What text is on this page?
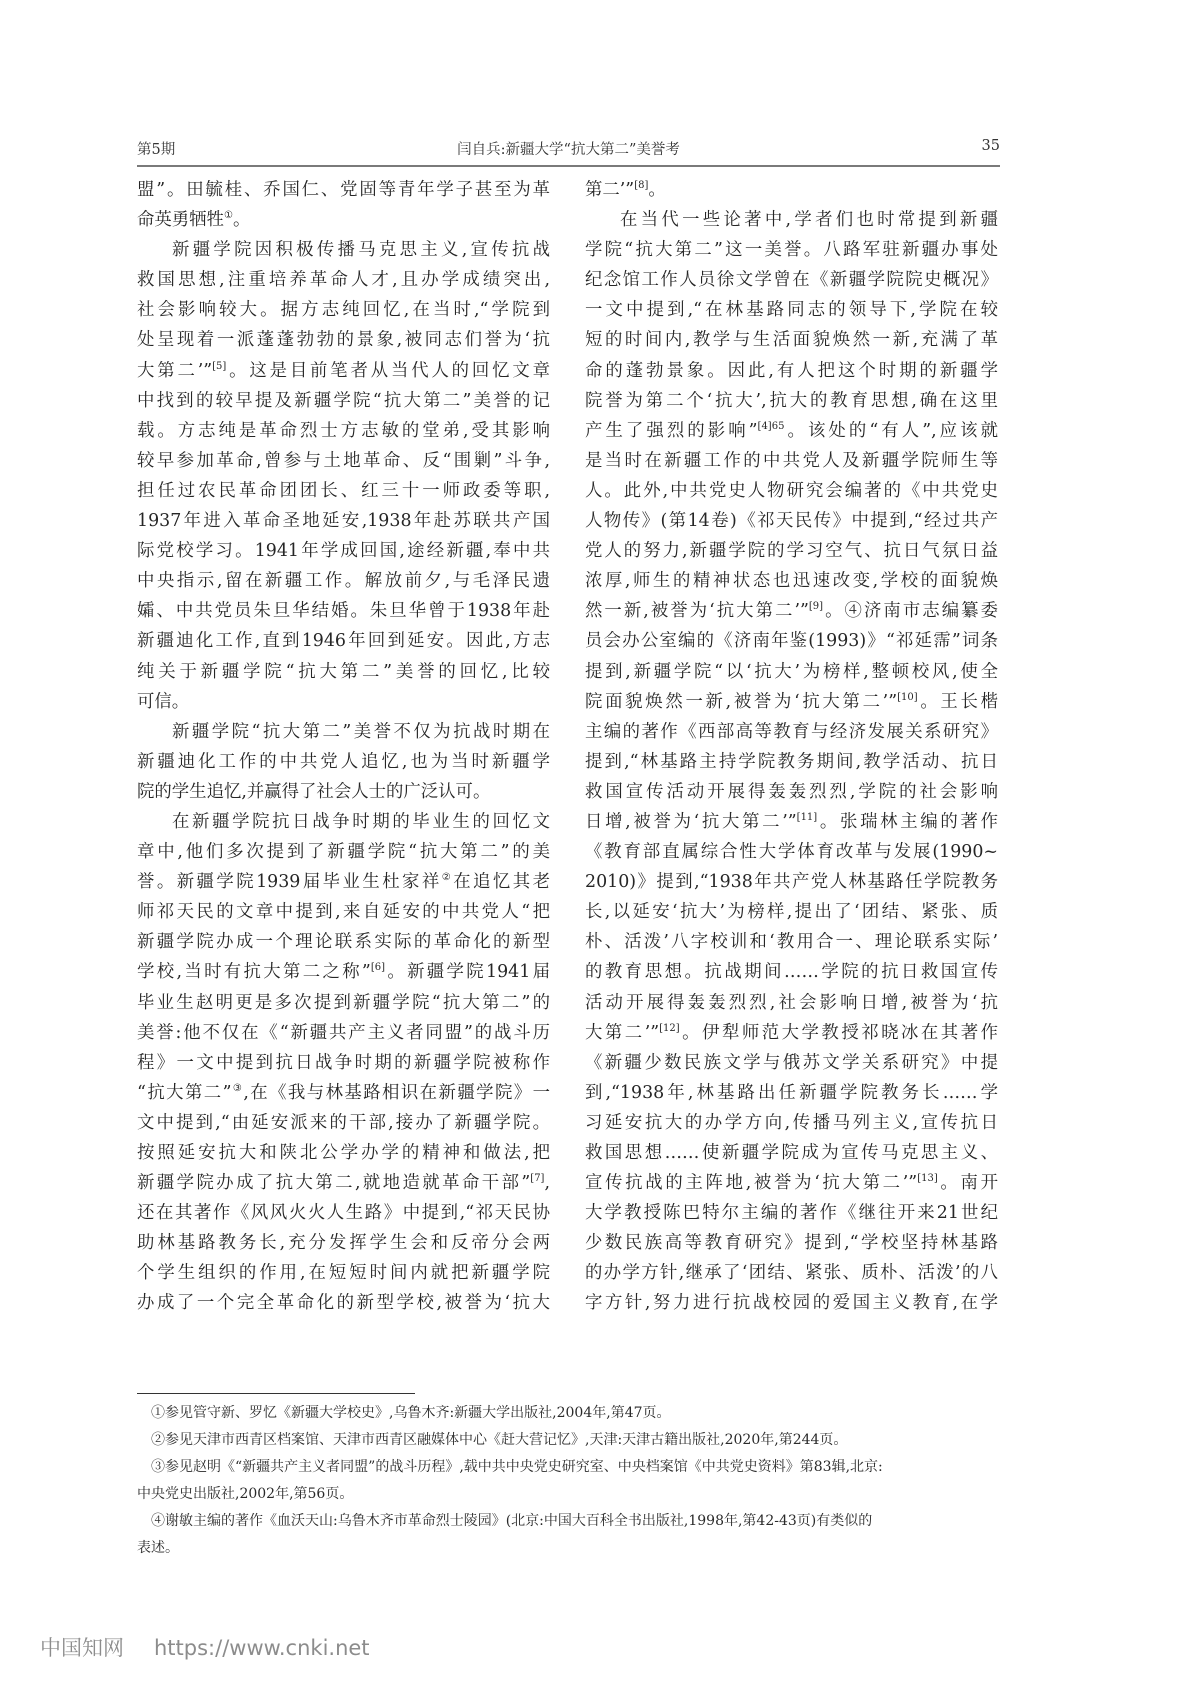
第5期	闫自兵:新疆大学“抗大第二”美誉考	35
盟”。田毓桂、乔国仁、党固等青年学子甚至为革
命英勇牺牲①。
新疆学院因积极传播马克思主义,宣传抗战
救国思想,注重培养革命人才,且办学成绩突出,
社会影响较大。据方志纯回忆,在当时,“学院到
处呈现着一派蓬蓬勃勃的景象,被同志们誉为‘抗
大第二’”[5]。这是目前笔者从当代人的回忆文章
中找到的较早提及新疆学院“抗大第二”美誉的记
载。方志纯是革命烈士方志敏的堂弟,受其影响
较早参加革命,曾参与土地革命、反“围剿”斗争,
担任过农民革命团团长、红三十一师政委等职,
1937年进入革命圣地延安,1938年赴苏联共产国
际党校学习。1941年学成回国,途经新疆,奉中共
中央指示,留在新疆工作。解放前夕,与毛泽民遗
孀、中共党员朱旦华结婚。朱旦华曾于1938年赴
新疆迪化工作,直到1946年回到延安。因此,方志
纯关于新疆学院“抗大第二”美誉的回忆,比较
可信。
新疆学院“抗大第二”美誉不仅为抗战时期在
新疆迪化工作的中共党人追忆,也为当时新疆学
院的学生追忆,并赢得了社会人士的广泛认可。
在新疆学院抗日战争时期的毕业生的回忆文
章中,他们多次提到了新疆学院“抗大第二”的美
誉。新疆学院1939届毕业生杜家祥②在追忆其老
师祁天民的文章中提到,来自延安的中共党人“把
新疆学院办成一个理论联系实际的革命化的新型
学校,当时有抗大第二之称”[6]。新疆学院1941届
毕业生赵明更是多次提到新疆学院“抗大第二”的
美誉:他不仅在《“新疆共产主义者同盟”的战斗历
程》一文中提到抗日战争时期的新疆学院被称作
“抗大第二”③,在《我与林基路相识在新疆学院》一
文中提到,“由延安派来的干部,接办了新疆学院。
按照延安抗大和陕北公学办学的精神和做法,把
新疆学院办成了抗大第二,就地造就革命干部”[7],
还在其著作《风风火火人生路》中提到,“祁天民协
助林基路教务长,充分发挥学生会和反帝分会两
个学生组织的作用,在短短时间内就把新疆学院
办成了一个完全革命化的新型学校,被誉为‘抗大
第二’”[8]。
在当代一些论著中,学者们也时常提到新疆
学院“抗大第二”这一美誉。八路军驻新疆办事处
纪念馆工作人员徐文学曾在《新疆学院院史概况》
一文中提到,“在林基路同志的领导下,学院在较
短的时间内,教学与生活面貌焕然一新,充满了革
命的蓬勃景象。因此,有人把这个时期的新疆学
院誉为第二个‘抗大’,抗大的教育思想,确在这里
产生了强烈的影响”$^{[4]65}$。该处的“有人”,应该就
是当时在新疆工作的中共党人及新疆学院师生等
人。此外,中共党史人物研究会编著的《中共党史
人物传》(第14卷)《祁天民传》中提到,“经过共产
党人的努力,新疆学院的学习空气、抗日气氛日益
浓厚,师生的精神状态也迅速改变,学校的面貌焕
然一新,被誉为‘抗大第二’”[9]。④济南市志编纂委
员会办公室编的《济南年鉴(1993)》“祁延霈”词条
提到,新疆学院“以‘抗大’为榜样,整顿校风,使全
院面貌焕然一新,被誉为‘抗大第二’”[10]。王长楷
主编的著作《西部高等教育与经济发展关系研究》
提到,“林基路主持学院教务期间,教学活动、抗日
救国宣传活动开展得轰轰烈烈,学院的社会影响
日增,被誉为‘抗大第二’”[11]。张瑞林主编的著作
《教育部直属综合性大学体育改革与发展(1990~
2010)》提到,“1938年共产党人林基路任学院教务
长,以延安‘抗大’为榜样,提出了‘团结、紧张、质
朴、活泼’八字校训和‘教用合一、理论联系实际’
的教育思想。抗战期间……学院的抗日救国宣传
活动开展得轰轰烈烈,社会影响日增,被誉为‘抗
大第二’”[12]。伊犁师范大学教授祁晓冰在其著作
《新疆少数民族文学与俄苏文学关系研究》中提
到,“1938年,林基路出任新疆学院教务长……学
习延安抗大的办学方向,传播马列主义,宣传抗日
救国思想……使新疆学院成为宣传马克思主义、
宣传抗战的主阵地,被誉为‘抗大第二’”[13]。南开
大学教授陈巴特尔主编的著作《继往开来21世纪
少数民族高等教育研究》提到,“学校坚持林基路
的办学方针,继承了‘团结、紧张、质朴、活泼’的八
字方针,努力进行抗战校园的爱国主义教育,在学
①参见管守新、罗忆《新疆大学校史》,乌鲁木齐:新疆大学出版社,2004年,第47页。
②参见天津市西青区档案馆、天津市西青区融媒体中心《赶大营记忆》,天津:天津古籍出版社,2020年,第244页。
③参见赵明《“新疆共产主义者同盟”的战斗历程》,载中共中央党史研究室、中央档案馆《中共党史资料》第83辑,北京:
中央党史出版社,2002年,第56页。
④谢敏主编的著作《血沃天山:乌鲁木齐市革命烈士陵园》(北京:中国大百科全书出版社,1998年,第42-43页)有类似的
表述。
中国知网 https://www.cnki.net
